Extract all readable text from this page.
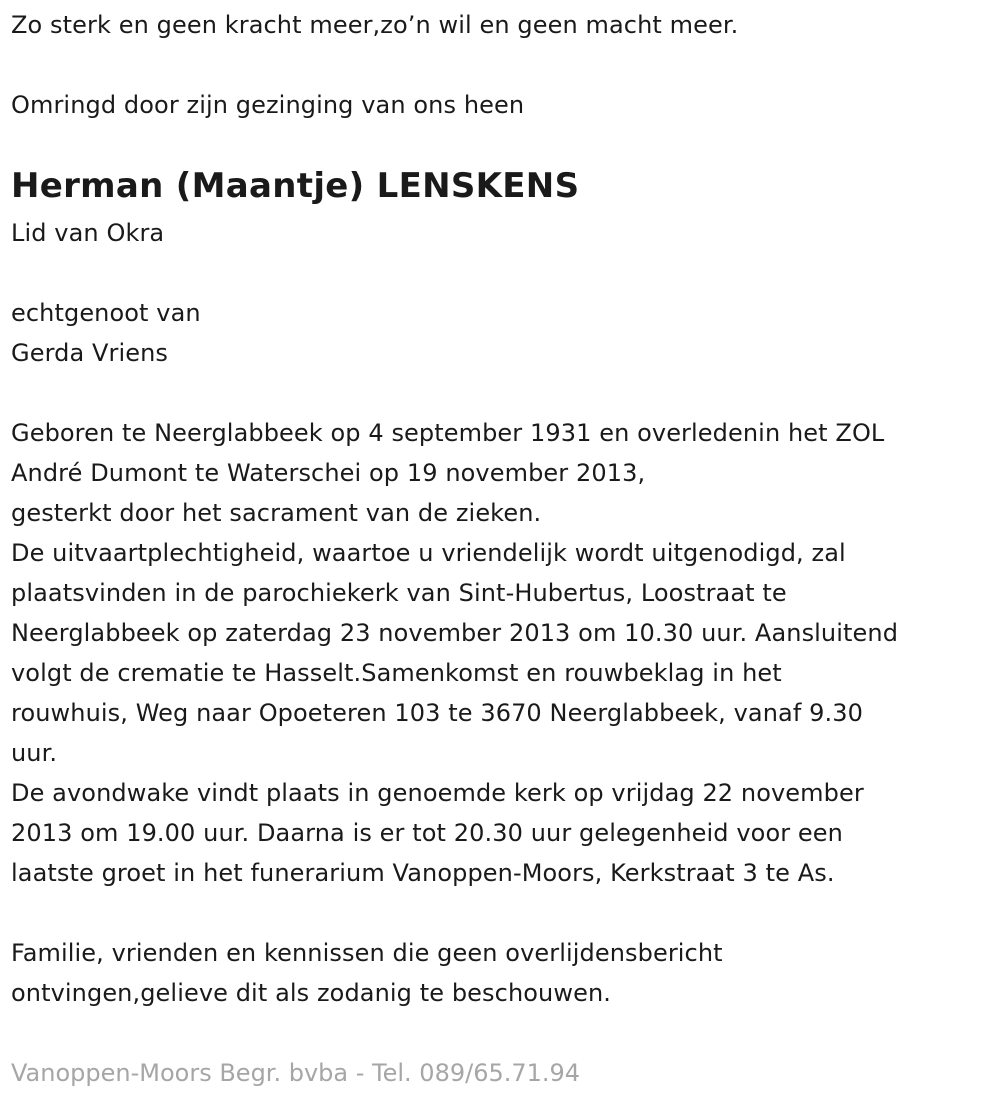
Zo sterk en geen kracht meer,zo’n wil en geen macht meer.
Omringd door zijn gezinging van ons heen
Herman (Maantje) LENSKENS
Lid van Okra
echtgenoot van
Gerda Vriens
Geboren te Neerglabbeek op 4 september 1931 en overledenin het ZOL
André Dumont te Waterschei op 19 november 2013,
gesterkt door het sacrament van de zieken.
De uitvaartplechtigheid, waartoe u vriendelijk wordt uitgenodigd, zal
plaatsvinden in de parochiekerk van Sint-Hubertus, Loostraat te
Neerglabbeek op zaterdag 23 november 2013 om 10.30 uur. Aansluitend
volgt de crematie te Hasselt.Samenkomst en rouwbeklag in het
rouwhuis, Weg naar Opoeteren 103 te 3670 Neerglabbeek, vanaf 9.30
uur.
De avondwake vindt plaats in genoemde kerk op vrijdag 22 november
2013 om 19.00 uur. Daarna is er tot 20.30 uur gelegenheid voor een
laatste groet in het funerarium Vanoppen-Moors, Kerkstraat 3 te As.
Familie, vrienden en kennissen die geen overlijdensbericht
ontvingen,gelieve dit als zodanig te beschouwen.
Vanoppen-Moors Begr. bvba - Tel. 089/65.71.94
